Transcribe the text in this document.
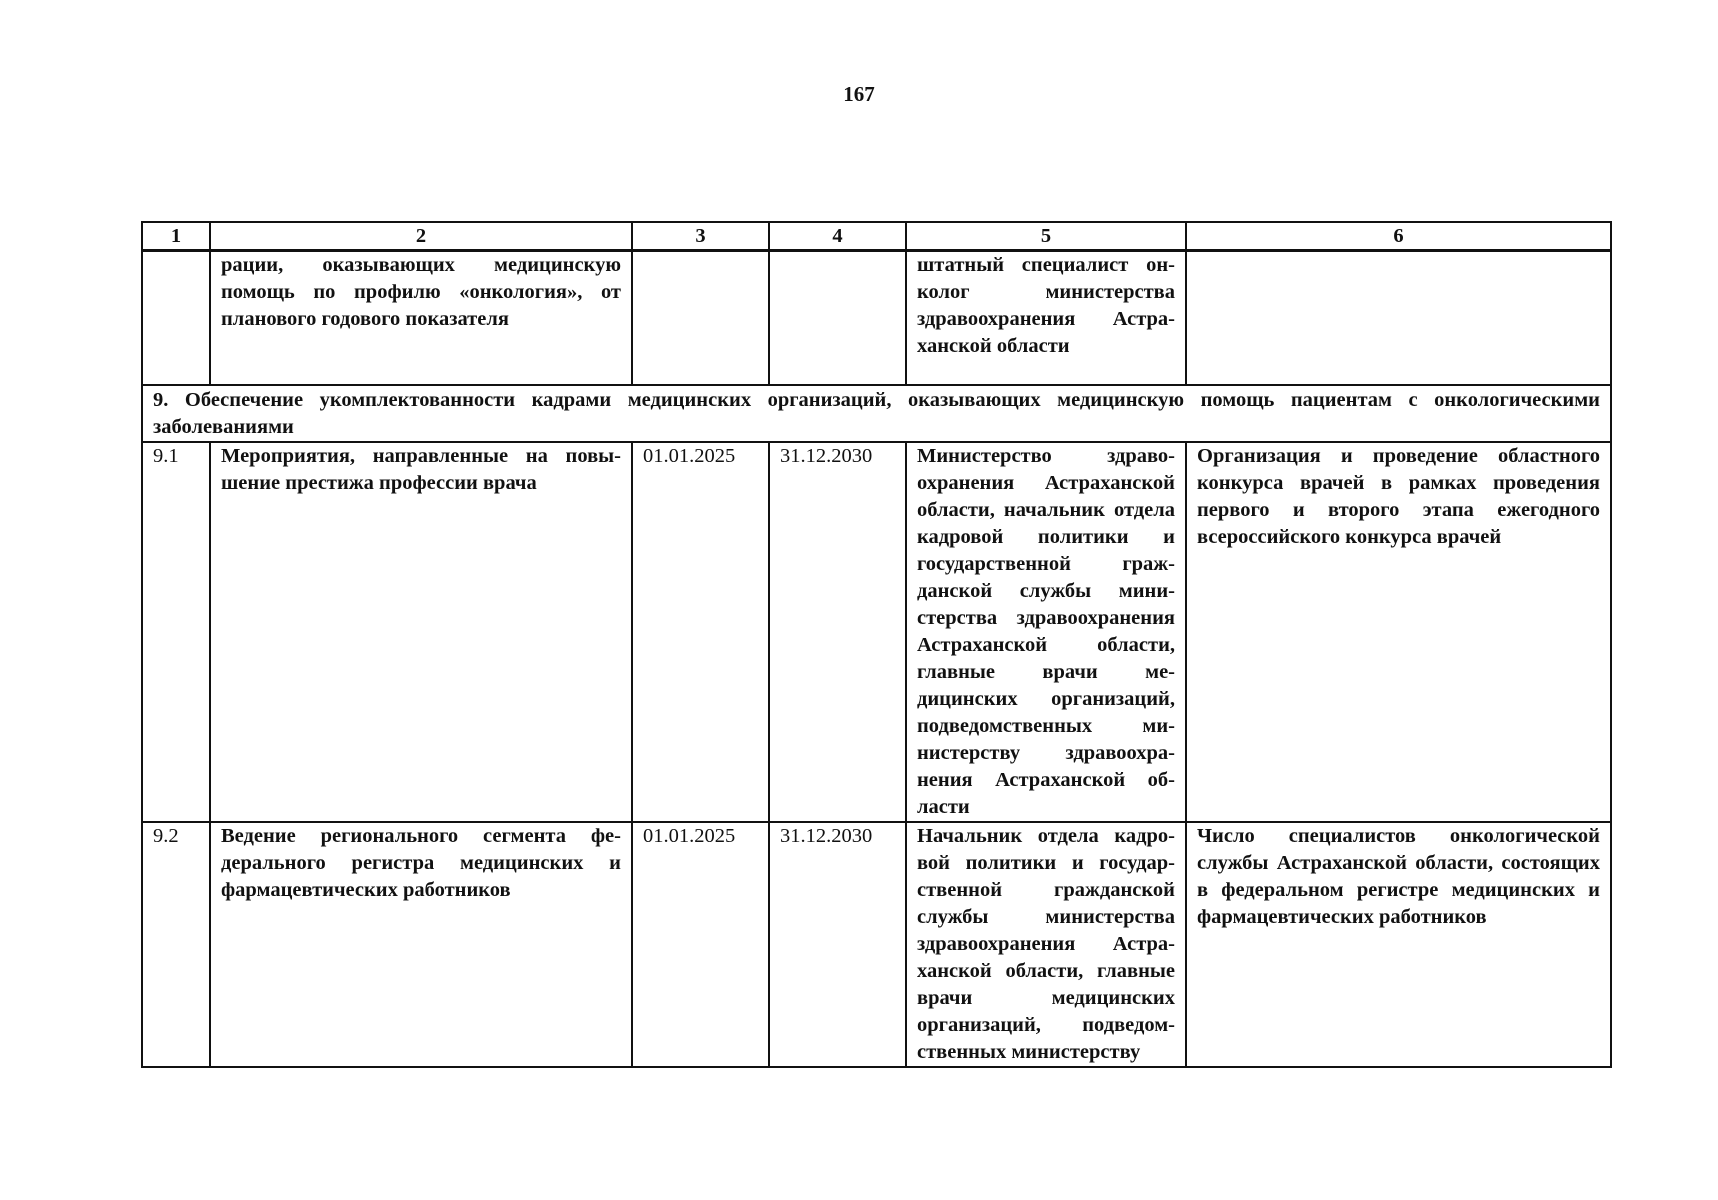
167
1	2	3	4	5	6
	рации, оказывающих медицинскую помощь по профилю «онкология», от планового годового показателя			штатный специалист онколог министерства здравоохранения Астраханской области	
9. Обеспечение укомплектованности кадрами медицинских организаций, оказывающих медицинскую помощь пациентам с онкологическими заболеваниями					
9.1	Мероприятия, направленные на повышение престижа профессии врача	01.01.2025	31.12.2030	Министерство здравоохранения Астраханской области, начальник отдела кадровой политики и государственной гражданской службы министерства здравоохранения Астраханской области, главные врачи медицинских организаций, подведомственных министерству здравоохранения Астраханской области	Организация и проведение областного конкурса врачей в рамках проведения первого и второго этапа ежегодного всероссийского конкурса врачей
9.2	Ведение регионального сегмента федерального регистра медицинских и фармацевтических работников	01.01.2025	31.12.2030	Начальник отдела кадровой политики и государственной гражданской службы министерства здравоохранения Астраханской области, главные врачи медицинских организаций, подведомственных министерству	Число специалистов онкологической службы Астраханской области, состоящих в федеральном регистре медицинских и фармацевтических работников
